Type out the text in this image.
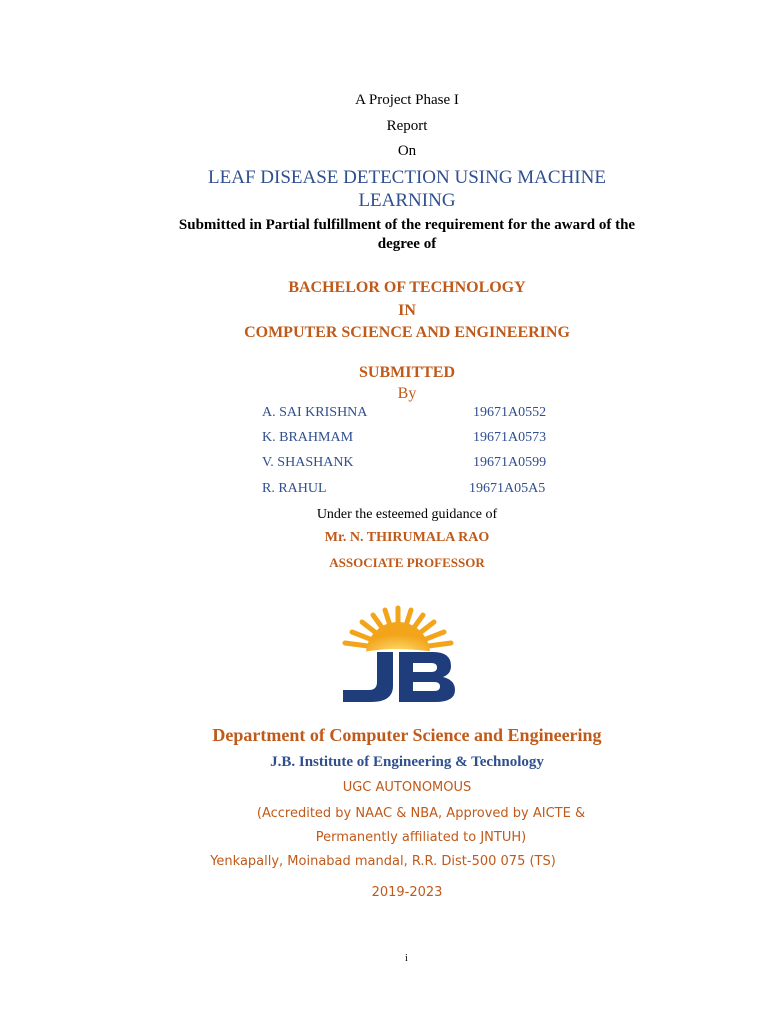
A Project Phase I
Report
On
LEAF DISEASE DETECTION USING MACHINE
LEARNING
Submitted in Partial fulfillment of the requirement for the award of the
degree of
BACHELOR OF TECHNOLOGY
IN
COMPUTER SCIENCE AND ENGINEERING
SUBMITTED
By
A. SAI KRISHNA	19671A0552
K. BRAHMAM	19671A0573
V. SHASHANK	19671A0599
R. RAHUL	19671A05A5
Under the esteemed guidance of
Mr. N. THIRUMALA RAO
ASSOCIATE PROFESSOR
Department of Computer Science and Engineering
J.B. Institute of Engineering & Technology
UGC AUTONOMOUS
(Accredited by NAAC & NBA, Approved by AICTE &
Permanently affiliated to JNTUH)
Yenkapally, Moinabad mandal, R.R. Dist-500 075 (TS)
2019-2023
i
